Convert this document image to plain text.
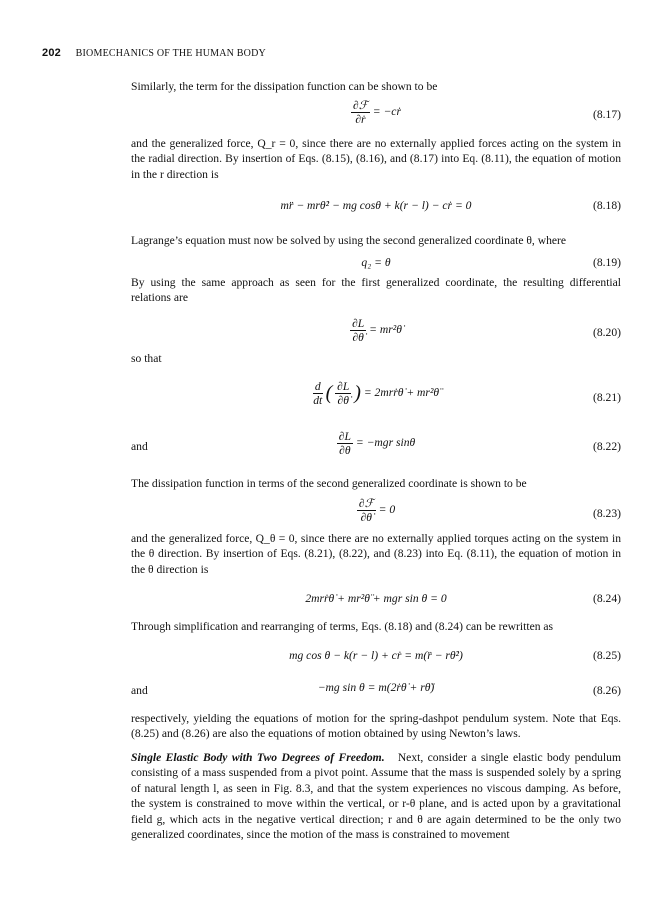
202 BIOMECHANICS OF THE HUMAN BODY

Similarly, the term for the dissipation function can be shown to be

$\frac{\text{∂ℱ}}{\text{∂ṙ}}$ = −cṙ	(8.17)

and the generalized force, Q_r = 0, since there are no externally applied forces acting on the system in the radial direction. By insertion of Eqs. (8.15), (8.16), and (8.17) into Eq. (8.11), the equation of motion in the r direction is

mr̈ − mrθ̇² − mg cosθ + k(r − l) − cṙ = 0	(8.18)

Lagrange’s equation must now be solved by using the second generalized coordinate θ, where

q₂ = θ	(8.19)

By using the same approach as seen for the first generalized coordinate, the resulting differential relations are

$\frac{\partial L}{\partial\thetȧ}$ = mr²θ̇	(8.20)

so that

$\frac{d}{dt}$ ( $\frac{\partial L}{\partial\thetȧ}$ ) = 2mrṙθ̇ + mr²θ̈	(8.21)
and	$\frac{\partial L}{\partial\theta} = -mgr$ sinθ	(8.22)

The dissipation function in terms of the second generalized coordinate is shown to be

$\frac{\text{∂ℱ}}{\partial\thetȧ} = 0$	(8.23)

and the generalized force, Q_θ = 0, since there are no externally applied torques acting on the system in the θ direction. By insertion of Eqs. (8.21), (8.22), and (8.23) into Eq. (8.11), the equation of motion in the θ direction is

2mrṙθ̇ + mr²θ̈ + mgr sin θ = 0	(8.24)

Through simplification and rearranging of terms, Eqs. (8.18) and (8.24) can be rewritten as

mg cos θ − k(r − l) + cṙ = m(r̈ − rθ̇²)	(8.25)
and	−mg sin θ = m(2ṙθ̇ + rθ̈)	(8.26)

respectively, yielding the equations of motion for the spring-dashpot pendulum system. Note that Eqs. (8.25) and (8.26) are also the equations of motion obtained by using Newton’s laws.

Single Elastic Body with Two Degrees of Freedom. Next, consider a single elastic body pendulum consisting of a mass suspended from a pivot point. Assume that the mass is suspended solely by a spring of natural length l, as seen in Fig. 8.3, and that the system experiences no viscous damping. As before, the system is constrained to move within the vertical, or r-θ plane, and is acted upon by a gravitational field g, which acts in the negative vertical direction; r and θ are again determined to be the only two generalized coordinates, since the motion of the mass is constrained to movement
